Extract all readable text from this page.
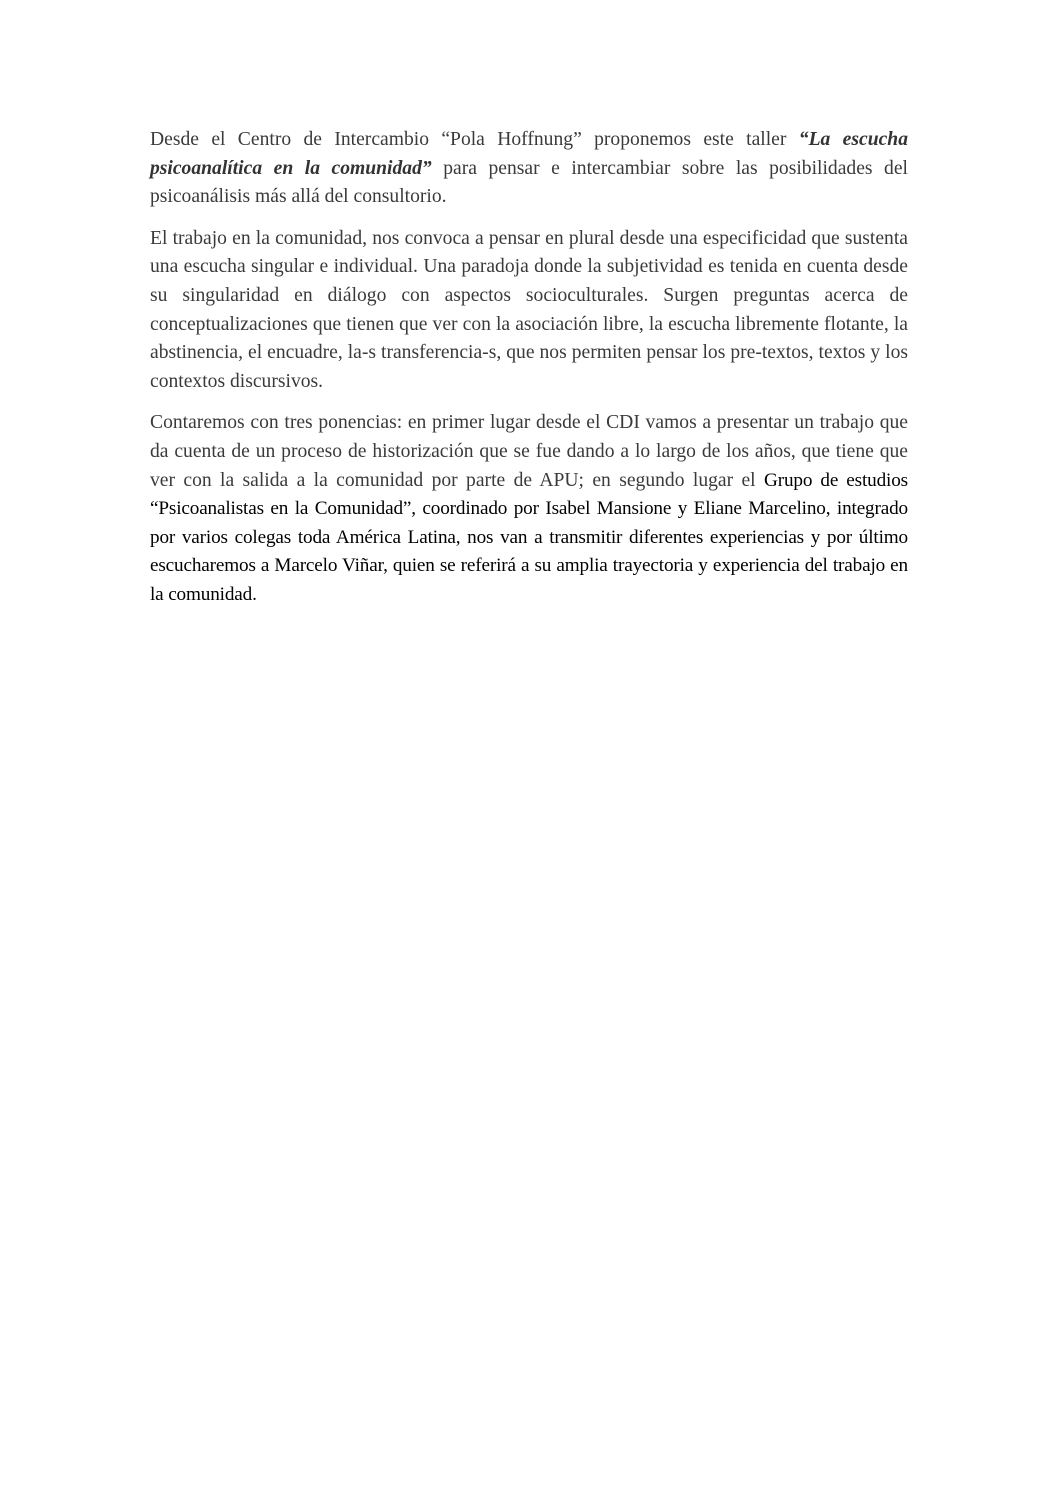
Desde el Centro de Intercambio “Pola Hoffnung” proponemos este taller “La escucha psicoanalítica en la comunidad” para pensar e intercambiar sobre las posibilidades del psicoanálisis más allá del consultorio.

El trabajo en la comunidad, nos convoca a pensar en plural desde una especificidad que sustenta una escucha singular e individual. Una paradoja donde la subjetividad es tenida en cuenta desde su singularidad en diálogo con aspectos socioculturales. Surgen preguntas acerca de conceptualizaciones que tienen que ver con la asociación libre, la escucha libremente flotante, la abstinencia, el encuadre, la-s transferencia-s, que nos permiten pensar los pre-textos, textos y los contextos discursivos.

Contaremos con tres ponencias: en primer lugar desde el CDI vamos a presentar un trabajo que da cuenta de un proceso de historización que se fue dando a lo largo de los años, que tiene que ver con la salida a la comunidad por parte de APU; en segundo lugar el Grupo de estudios “Psicoanalistas en la Comunidad”, coordinado por Isabel Mansione y Eliane Marcelino, integrado por varios colegas toda América Latina, nos van a transmitir diferentes experiencias y por último escucharemos a Marcelo Viñar, quien se referirá a su amplia trayectoria y experiencia del trabajo en la comunidad.
